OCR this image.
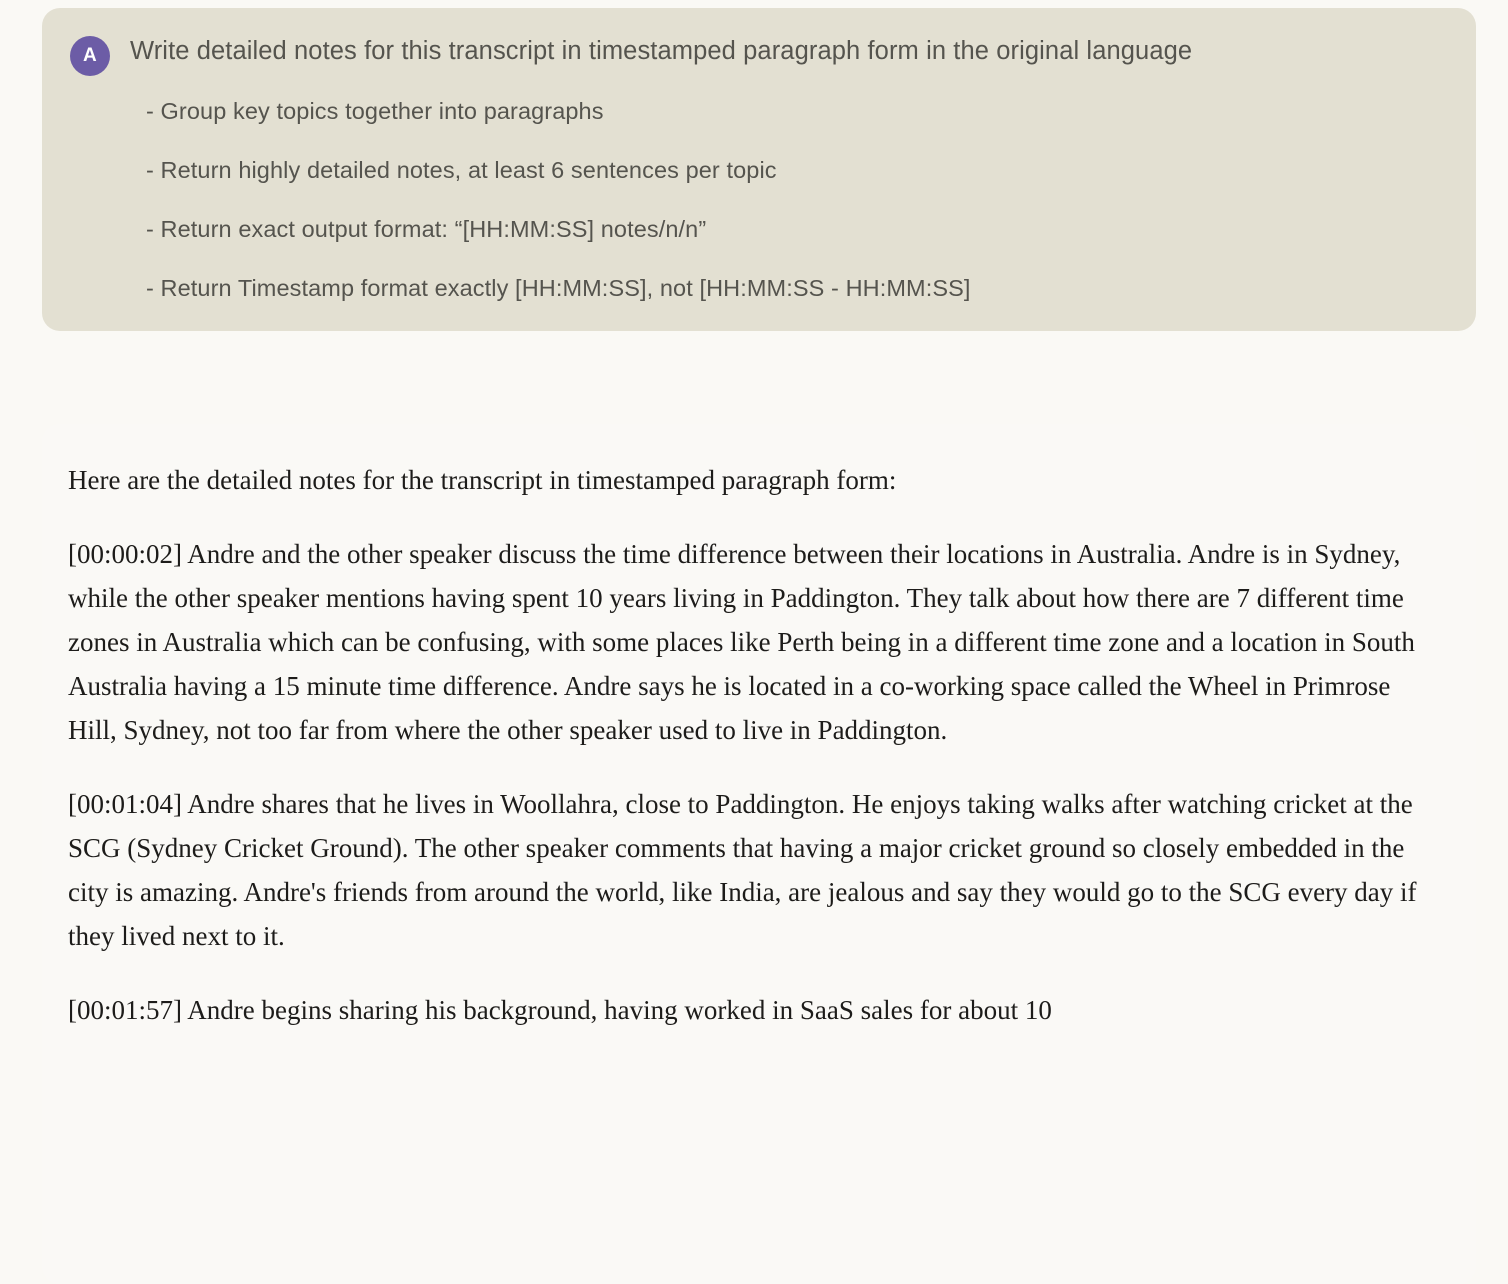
A	Write detailed notes for this transcript in timestamped paragraph form in the original language
- Group key topics together into paragraphs
- Return highly detailed notes, at least 6 sentences per topic
- Return exact output format: “[HH:MM:SS] notes/n/n”
- Return Timestamp format exactly [HH:MM:SS], not [HH:MM:SS - HH:MM:SS]

Here are the detailed notes for the transcript in timestamped paragraph form:

[00:00:02] Andre and the other speaker discuss the time difference between their locations in Australia. Andre is in Sydney, while the other speaker mentions having spent 10 years living in Paddington. They talk about how there are 7 different time zones in Australia which can be confusing, with some places like Perth being in a different time zone and a location in South Australia having a 15 minute time difference. Andre says he is located in a co-working space called the Wheel in Primrose Hill, Sydney, not too far from where the other speaker used to live in Paddington.

[00:01:04] Andre shares that he lives in Woollahra, close to Paddington. He enjoys taking walks after watching cricket at the SCG (Sydney Cricket Ground). The other speaker comments that having a major cricket ground so closely embedded in the city is amazing. Andre's friends from around the world, like India, are jealous and say they would go to the SCG every day if they lived next to it.

[00:01:57] Andre begins sharing his background, having worked in SaaS sales for about 10
